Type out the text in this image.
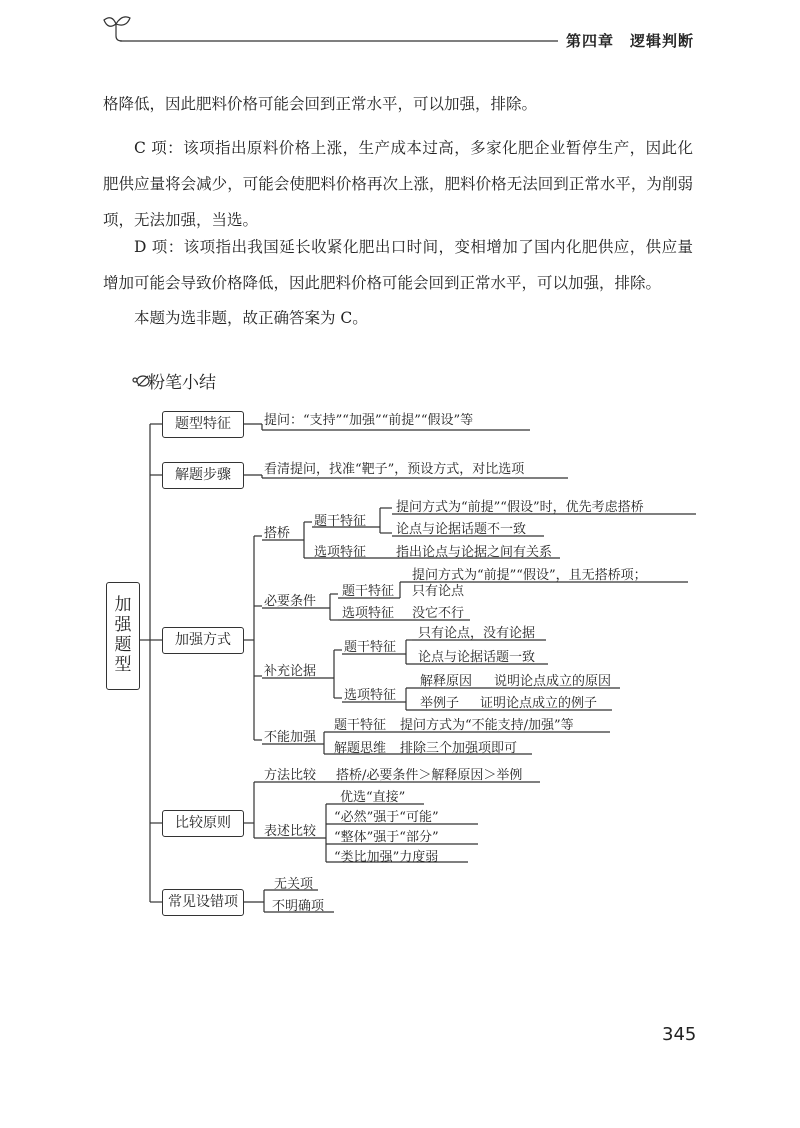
第四章　逻辑判断
格降低，因此肥料价格可能会回到正常水平，可以加强，排除。
C 项：该项指出原料价格上涨，生产成本过高，多家化肥企业暂停生产，因此化肥供应量将会减少，可能会使肥料价格再次上涨，肥料价格无法回到正常水平，为削弱项，无法加强，当选。
D 项：该项指出我国延长收紧化肥出口时间，变相增加了国内化肥供应，供应量增加可能会导致价格降低，因此肥料价格可能会回到正常水平，可以加强，排除。
本题为选非题，故正确答案为 C。
粉笔小结
加强题型
题型特征
解题步骤
加强方式
比较原则
常见设错项
提问：“支持”“加强”“前提”“假设”等
看清提问，找准“靶子”，预设方式，对比选项
搭桥
题干特征
提问方式为“前提”“假设”时，优先考虑搭桥
论点与论据话题不一致
选项特征 指出论点与论据之间有关系
必要条件
题干特征
提问方式为“前提”“假设”，且无搭桥项；
只有论点
选项特征 没它不行
补充论据
题干特征
只有论点，没有论据
论点与论据话题一致
选项特征
解释原因 说明论点成立的原因
举例子 证明论点成立的例子
不能加强
题干特征 提问方式为“不能支持/加强”等
解题思维 排除三个加强项即可
方法比较 搭桥/必要条件＞解释原因＞举例
表述比较
优选“直接”
“必然”强于“可能”
“整体”强于“部分”
“类比加强”力度弱
无关项
不明确项
345
